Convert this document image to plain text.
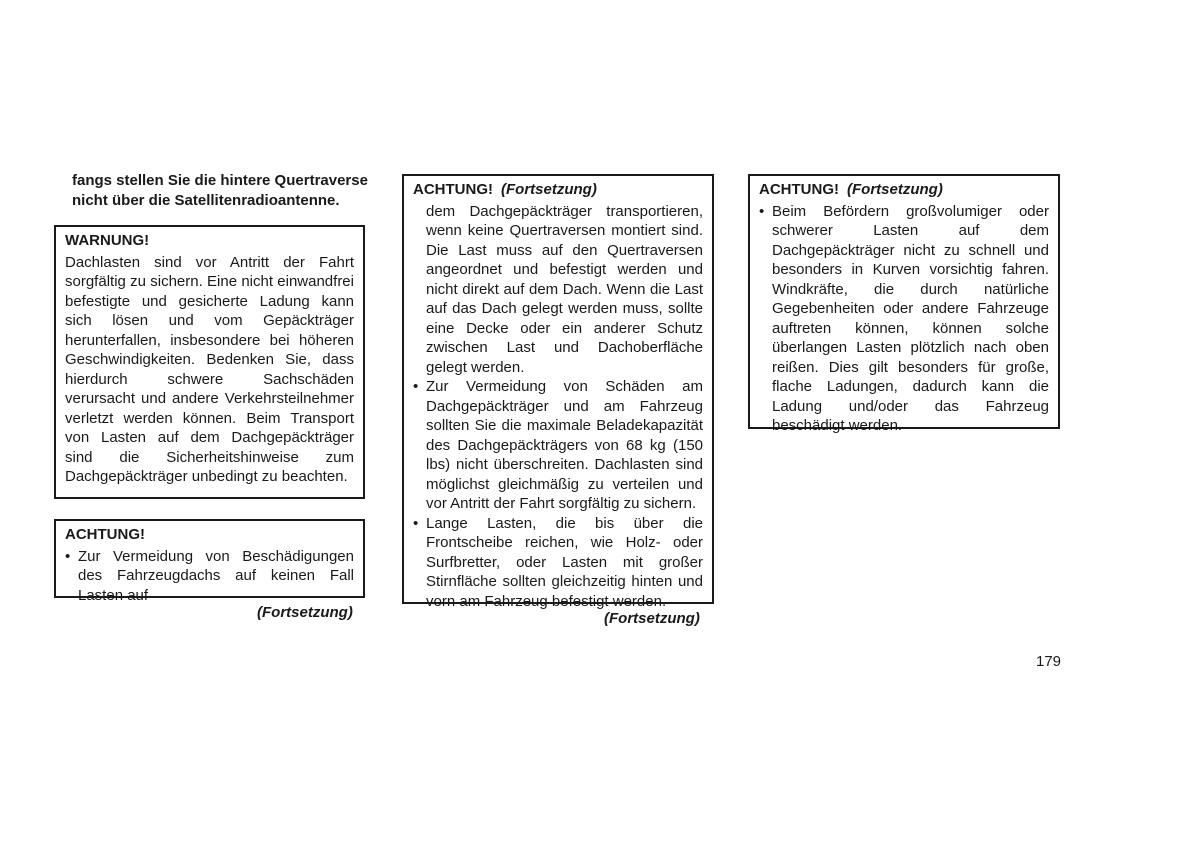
fangs stellen Sie die hintere Quertraverse nicht über die Satellitenradioantenne.

WARNUNG!

Dachlasten sind vor Antritt der Fahrt sorgfältig zu sichern. Eine nicht einwandfrei befestigte und gesicherte Ladung kann sich lösen und vom Gepäckträger herunterfallen, insbesondere bei höheren Geschwindigkeiten. Bedenken Sie, dass hierdurch schwere Sachschäden verursacht und andere Verkehrsteilnehmer verletzt werden können. Beim Transport von Lasten auf dem Dachgepäckträger sind die Sicherheitshinweise zum Dachgepäckträger unbedingt zu beachten.

ACHTUNG!
• Zur Vermeidung von Beschädigungen des Fahrzeugdachs auf keinen Fall Lasten auf
(Fortsetzung)
ACHTUNG! (Fortsetzung)

dem Dachgepäckträger transportieren, wenn keine Quertraversen montiert sind. Die Last muss auf den Quertraversen angeordnet und befestigt werden und nicht direkt auf dem Dach. Wenn die Last auf das Dach gelegt werden muss, sollte eine Decke oder ein anderer Schutz zwischen Last und Dachoberfläche gelegt werden.

• Zur Vermeidung von Schäden am Dachgepäckträger und am Fahrzeug sollten Sie die maximale Beladekapazität des Dachgepäckträgers von 68 kg (150 lbs) nicht überschreiten. Dachlasten sind möglichst gleichmäßig zu verteilen und vor Antritt der Fahrt sorgfältig zu sichern.
• Lange Lasten, die bis über die Frontscheibe reichen, wie Holz- oder Surfbretter, oder Lasten mit großer Stirnfläche sollten gleichzeitig hinten und vorn am Fahrzeug befestigt werden.
(Fortsetzung)
ACHTUNG! (Fortsetzung)
• Beim Befördern großvolumiger oder schwerer Lasten auf dem Dachgepäckträger nicht zu schnell und besonders in Kurven vorsichtig fahren. Windkräfte, die durch natürliche Gegebenheiten oder andere Fahrzeuge auftreten können, können solche überlangen Lasten plötzlich nach oben reißen. Dies gilt besonders für große, flache Ladungen, dadurch kann die Ladung und/oder das Fahrzeug beschädigt werden.
179
